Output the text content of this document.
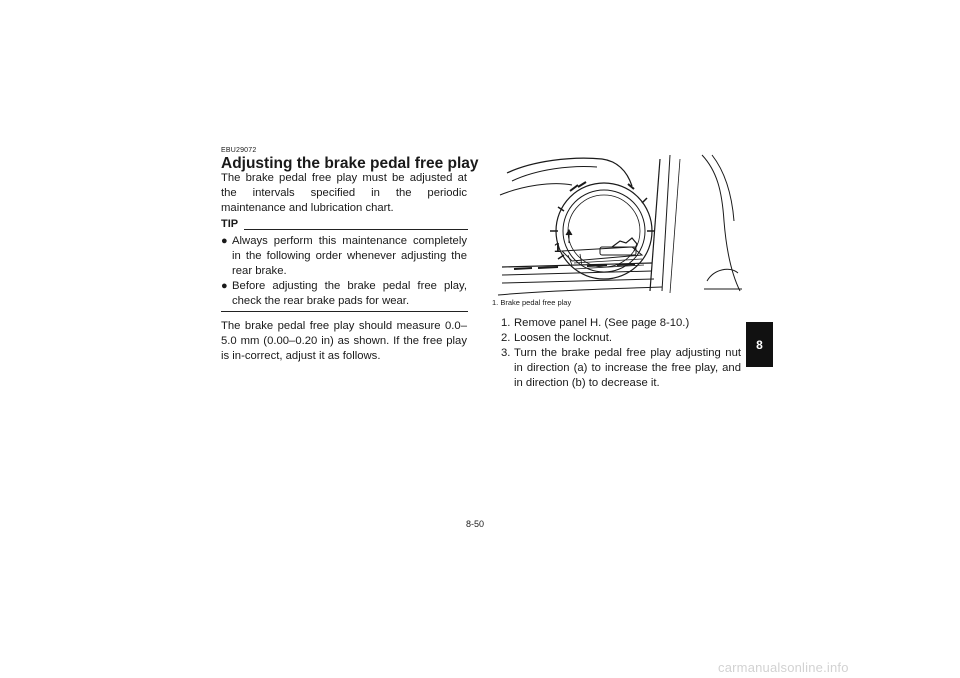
EBU29072
Adjusting the brake pedal free play
The brake pedal free play must be adjusted at the intervals specified in the periodic maintenance and lubrication chart.
TIP
● Always perform this maintenance completely in the following order whenever adjusting the rear brake.
● Before adjusting the brake pedal free play, check the rear brake pads for wear.
The brake pedal free play should measure 0.0–5.0 mm (0.00–0.20 in) as shown. If the free play is in-correct, adjust it as follows.
1
1. Brake pedal free play
1. Remove panel H. (See page 8-10.)
2. Loosen the locknut.
3. Turn the brake pedal free play adjusting nut in direction (a) to increase the free play, and in direction (b) to decrease it.
8
8-50
carmanualsonline.info
